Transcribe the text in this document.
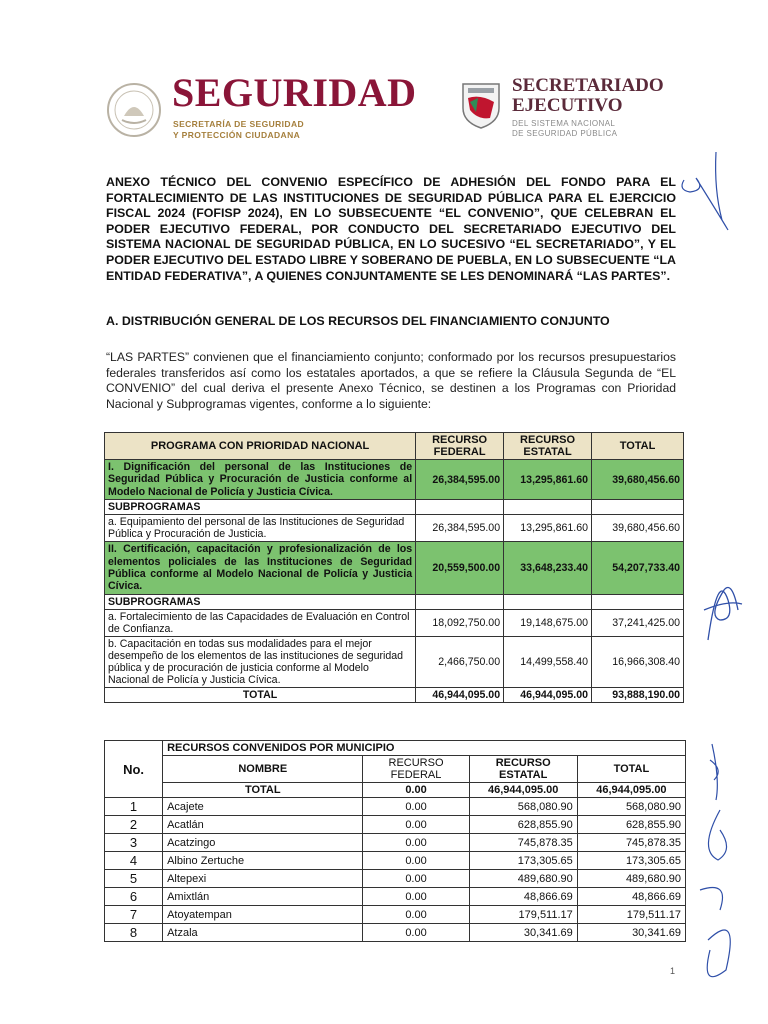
SEGURIDAD
SECRETARÍA DE SEGURIDAD
Y PROTECCIÓN CIUDADANA
SECRETARIADO
EJECUTIVO
DEL SISTEMA NACIONAL
DE SEGURIDAD PÚBLICA
ANEXO TÉCNICO DEL CONVENIO ESPECÍFICO DE ADHESIÓN DEL FONDO PARA EL FORTALECIMIENTO DE LAS INSTITUCIONES DE SEGURIDAD PÚBLICA PARA EL EJERCICIO FISCAL 2024 (FOFISP 2024), EN LO SUBSECUENTE “EL CONVENIO”, QUE CELEBRAN EL PODER EJECUTIVO FEDERAL, POR CONDUCTO DEL SECRETARIADO EJECUTIVO DEL SISTEMA NACIONAL DE SEGURIDAD PÚBLICA, EN LO SUCESIVO “EL SECRETARIADO”, Y EL PODER EJECUTIVO DEL ESTADO LIBRE Y SOBERANO DE PUEBLA, EN LO SUBSECUENTE “LA ENTIDAD FEDERATIVA”, A QUIENES CONJUNTAMENTE SE LES DENOMINARÁ “LAS PARTES”.
A. DISTRIBUCIÓN GENERAL DE LOS RECURSOS DEL FINANCIAMIENTO CONJUNTO
“LAS PARTES” convienen que el financiamiento conjunto; conformado por los recursos presupuestarios federales transferidos así como los estatales aportados, a que se refiere la Cláusula Segunda de “EL CONVENIO” del cual deriva el presente Anexo Técnico, se destinen a los Programas con Prioridad Nacional y Subprogramas vigentes, conforme a lo siguiente:
PROGRAMA CON PRIORIDAD NACIONAL	RECURSO FEDERAL	RECURSO ESTATAL	TOTAL
I. Dignificación del personal de las Instituciones de Seguridad Pública y Procuración de Justicia conforme al Modelo Nacional de Policía y Justicia Cívica.	26,384,595.00	13,295,861.60	39,680,456.60
SUBPROGRAMAS			
a. Equipamiento del personal de las Instituciones de Seguridad Pública y Procuración de Justicia.	26,384,595.00	13,295,861.60	39,680,456.60
II. Certificación, capacitación y profesionalización de los elementos policiales de las Instituciones de Seguridad Pública conforme al Modelo Nacional de Policía y Justicia Cívica.	20,559,500.00	33,648,233.40	54,207,733.40
SUBPROGRAMAS			
a. Fortalecimiento de las Capacidades de Evaluación en Control de Confianza.	18,092,750.00	19,148,675.00	37,241,425.00
b. Capacitación en todas sus modalidades para el mejor desempeño de los elementos de las instituciones de seguridad pública y de procuración de justicia conforme al Modelo Nacional de Policía y Justicia Cívica.	2,466,750.00	14,499,558.40	16,966,308.40
TOTAL	46,944,095.00	46,944,095.00	93,888,190.00
No.	RECURSOS CONVENIDOS POR MUNICIPIO			
	NOMBRE	RECURSO FEDERAL	RECURSO ESTATAL	TOTAL
	TOTAL	0.00	46,944,095.00	46,944,095.00
1	Acajete	0.00	568,080.90	568,080.90
2	Acatlán	0.00	628,855.90	628,855.90
3	Acatzingo	0.00	745,878.35	745,878.35
4	Albino Zertuche	0.00	173,305.65	173,305.65
5	Altepexi	0.00	489,680.90	489,680.90
6	Amixtlán	0.00	48,866.69	48,866.69
7	Atoyatempan	0.00	179,511.17	179,511.17
8	Atzala	0.00	30,341.69	30,341.69
1
